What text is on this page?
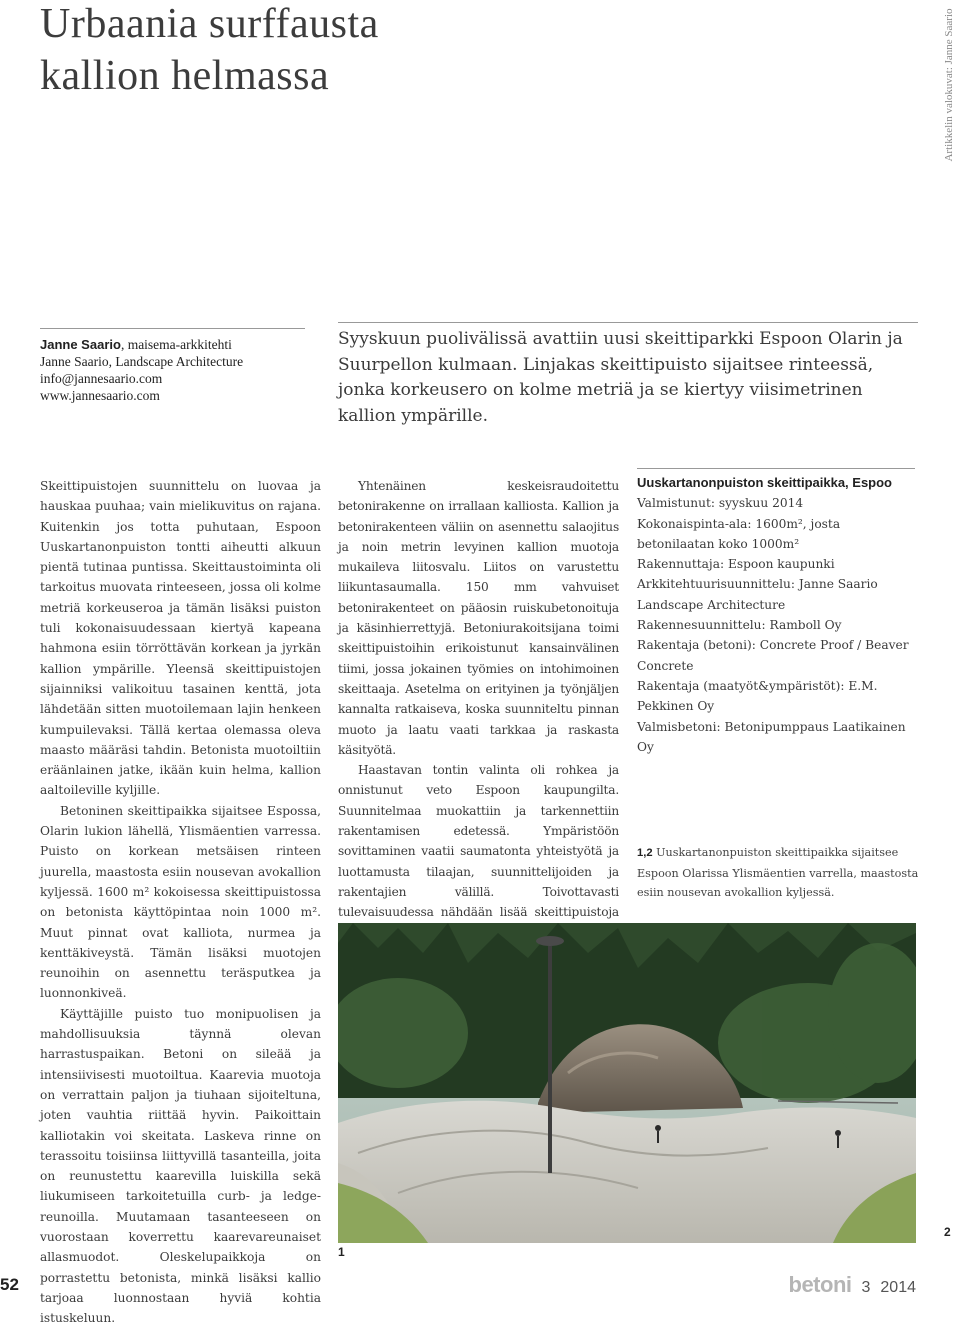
Urbaania surffausta
kallion helmassa	Artikkelin valokuvat: Janne Saario
Janne Saario, maisema-arkkitehti
Janne Saario, Landscape Architecture
info@jannesaario.com
www.jannesaario.com

Syyskuun puolivälissä avattiin uusi skeittiparkki Espoon Olarin ja Suurpellon kulmaan. Linjakas skeittipuisto sijaitsee rinteessä, jonka korkeusero on kolme metriä ja se kiertyy viisimetrinen kallion ympärille.

Skeittipuistojen suunnittelu on luovaa ja hauskaa puuhaa; vain mielikuvitus on rajana. Kuitenkin jos totta puhutaan, Espoon Uuskartanonpuiston tontti aiheutti alkuun pientä tutinaa puntissa. Skeittaustoiminta oli tarkoitus muovata rinteeseen, jossa oli kolme metriä korkeuseroa ja tämän lisäksi puiston tuli kokonaisuudessaan kiertyä kapeana hahmona esiin törröttävän korkean ja jyrkän kallion ympärille. Yleensä skeittipuistojen sijainniksi valikoituu tasainen kenttä, jota lähdetään sitten muotoilemaan lajin henkeen kumpuilevaksi. Tällä kertaa olemassa oleva maasto määräsi tahdin. Betonista muotoiltiin eräänlainen jatke, ikään kuin helma, kallion aaltoileville kyljille.

Betoninen skeittipaikka sijaitsee Espossa, Olarin lukion lähellä, Ylismäentien varressa. Puisto on korkean metsäisen rinteen juurella, maastosta esiin nousevan avokallion kyljessä. 1600 m² kokoisessa skeittipuistossa on betonista käyttöpintaa noin 1000 m². Muut pinnat ovat kalliota, nurmea ja kenttäkiveystä. Tämän lisäksi muotojen reunoihin on asennettu teräsputkea ja luonnonkiveä.

Käyttäjille puisto tuo monipuolisen ja mahdollisuuksia täynnä olevan harrastuspaikan. Betoni on sileää ja intensiivisesti muotoiltua. Kaarevia muotoja on verrattain paljon ja tiuhaan sijoiteltuna, joten vauhtia riittää hyvin. Paikoittain kalliotakin voi skeitata. Laskeva rinne on terassoitu toisiinsa liittyvillä tasanteilla, joita on reunustettu kaarevilla luiskilla sekä liukumiseen tarkoitetuilla curb- ja ledge-reunoilla. Muutamaan tasanteeseen on vuorostaan koverrettu kaarevareunaiset allasmuodot. Oleskelupaikkoja on porrastettu betonista, minkä lisäksi kallio tarjoaa luonnostaan hyviä kohtia istuskeluun.

Yhtenäinen keskeisraudoitettu betonirakenne on irrallaan kalliosta. Kallion ja betonirakenteen väliin on asennettu salaojitus ja noin metrin levyinen kallion muotoja mukaileva liitosvalu. Liitos on varustettu liikuntasaumalla. 150 mm vahvuiset betonirakenteet on pääosin ruiskubetonoituja ja käsinhierrettyjä. Betoniurakoitsijana toimi skeittipuistoihin erikoistunut kansainvälinen tiimi, jossa jokainen työmies on intohimoinen skeittaaja. Asetelma on erityinen ja työnjäljen kannalta ratkaiseva, koska suunniteltu pinnan muoto ja laatu vaati tarkkaa ja raskasta käsityötä.

Haastavan tontin valinta oli rohkea ja onnistunut veto Espoon kaupungilta. Suunnitelmaa muokattiin ja tarkennettiin rakentamisen edetessä. Ympäristöön sovittaminen vaatii saumatonta yhteistyötä ja luottamusta tilaajan, suunnittelijoiden ja rakentajien välillä. Toivottavasti tulevaisuudessa nähdään lisää skeittipuistoja

Uuskartanonpuiston skeittipaikka, Espoo
Valmistunut: syyskuu 2014
Kokonaispinta-ala: 1600m², josta betonilaatan koko 1000m²
Rakennuttaja: Espoon kaupunki
Arkkitehtuurisuunnittelu: Janne Saario Landscape Architecture
Rakennesuunnittelu: Ramboll Oy
Rakentaja (betoni): Concrete Proof / Beaver Concrete
Rakentaja (maatyöt&ympäristöt): E.M. Pekkinen Oy
Valmisbetoni: Betonipumppaus Laatikainen Oy
1,2 Uuskartanonpuiston skeittipaikka sijaitsee Espoon Olarissa Ylismäentien varrella, maastosta esiin nousevan avokallion kyljessä.
1
2
52	betoni 3 2014
